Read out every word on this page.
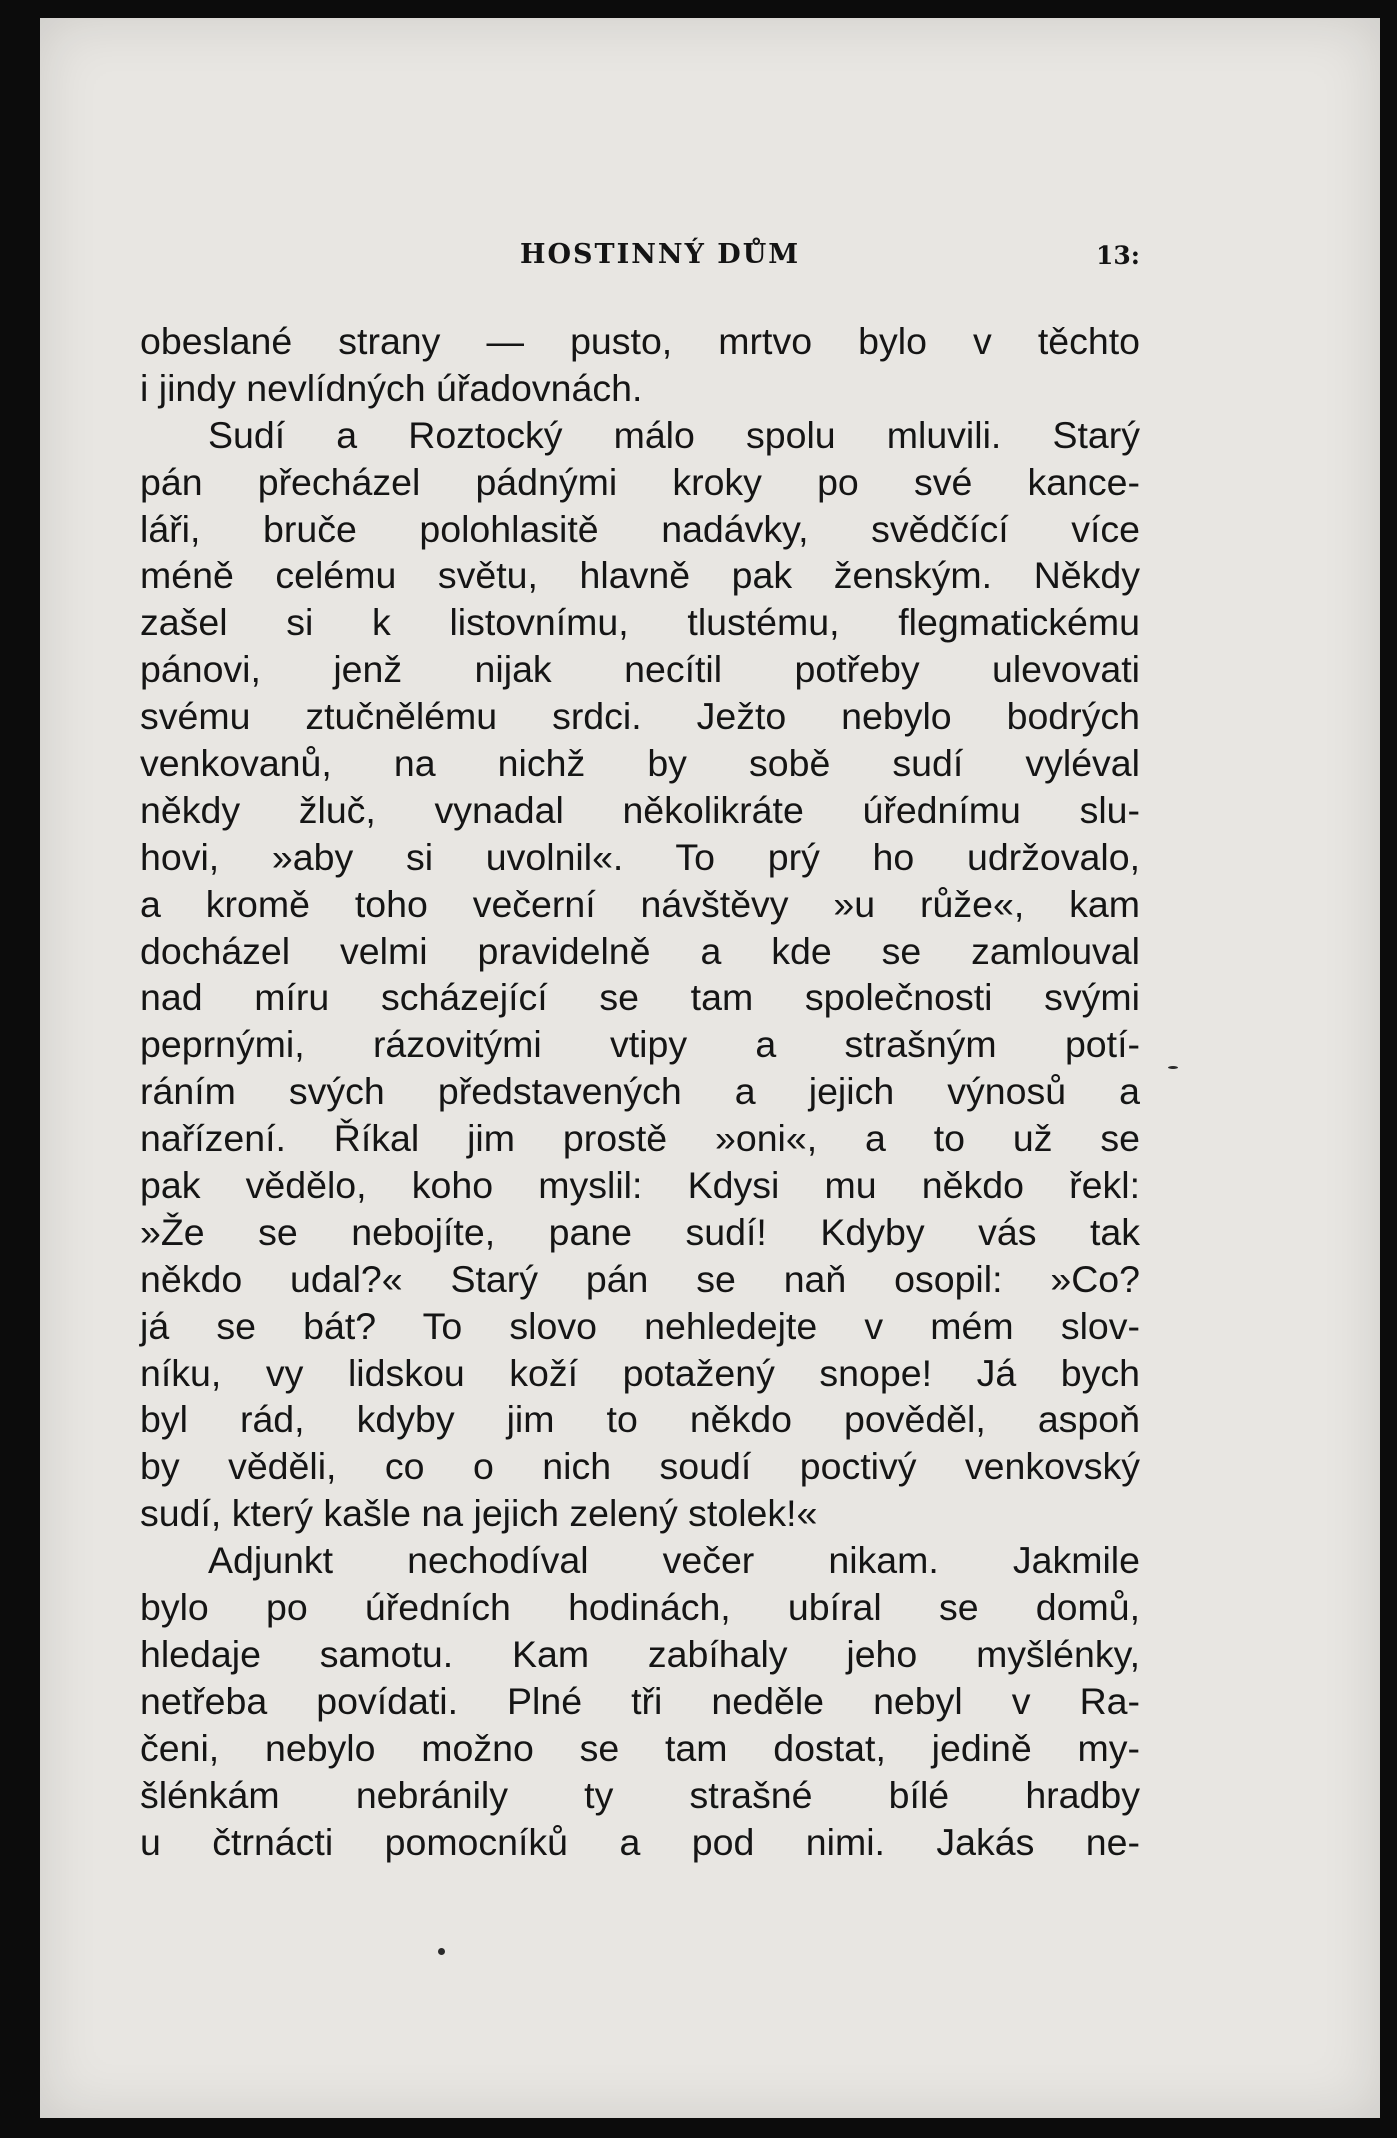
HOSTINNÝ DŮM	13:
obeslané strany — pusto, mrtvo bylo v těchto
i jindy nevlídných úřadovnách.
Sudí a Roztocký málo spolu mluvili. Starý
pán přecházel pádnými kroky po své kance-
láři, bruče polohlasitě nadávky, svědčící více
méně celému světu, hlavně pak ženským. Někdy
zašel si k listovnímu, tlustému, flegmatickému
pánovi, jenž nijak necítil potřeby ulevovati
svému ztučnělému srdci. Ježto nebylo bodrých
venkovanů, na nichž by sobě sudí vyléval
někdy žluč, vynadal několikráte úřednímu slu-
hovi, »aby si uvolnil«. To prý ho udržovalo,
a kromě toho večerní návštěvy »u růže«, kam
docházel velmi pravidelně a kde se zamlouval
nad míru scházející se tam společnosti svými
peprnými, rázovitými vtipy a strašným potí-
ráním svých představených a jejich výnosů a
nařízení. Říkal jim prostě »oni«, a to už se
pak vědělo, koho myslil: Kdysi mu někdo řekl:
»Že se nebojíte, pane sudí! Kdyby vás tak
někdo udal?« Starý pán se naň osopil: »Co?
já se bát? To slovo nehledejte v mém slov-
níku, vy lidskou koží potažený snope! Já bych
byl rád, kdyby jim to někdo pověděl, aspoň
by věděli, co o nich soudí poctivý venkovský
sudí, který kašle na jejich zelený stolek!«
Adjunkt nechodíval večer nikam. Jakmile
bylo po úředních hodinách, ubíral se domů,
hledaje samotu. Kam zabíhaly jeho myšlénky,
netřeba povídati. Plné tři neděle nebyl v Ra-
čeni, nebylo možno se tam dostat, jedině my-
šlénkám nebránily ty strašné bílé hradby
u čtrnácti pomocníků a pod nimi. Jakás ne-
